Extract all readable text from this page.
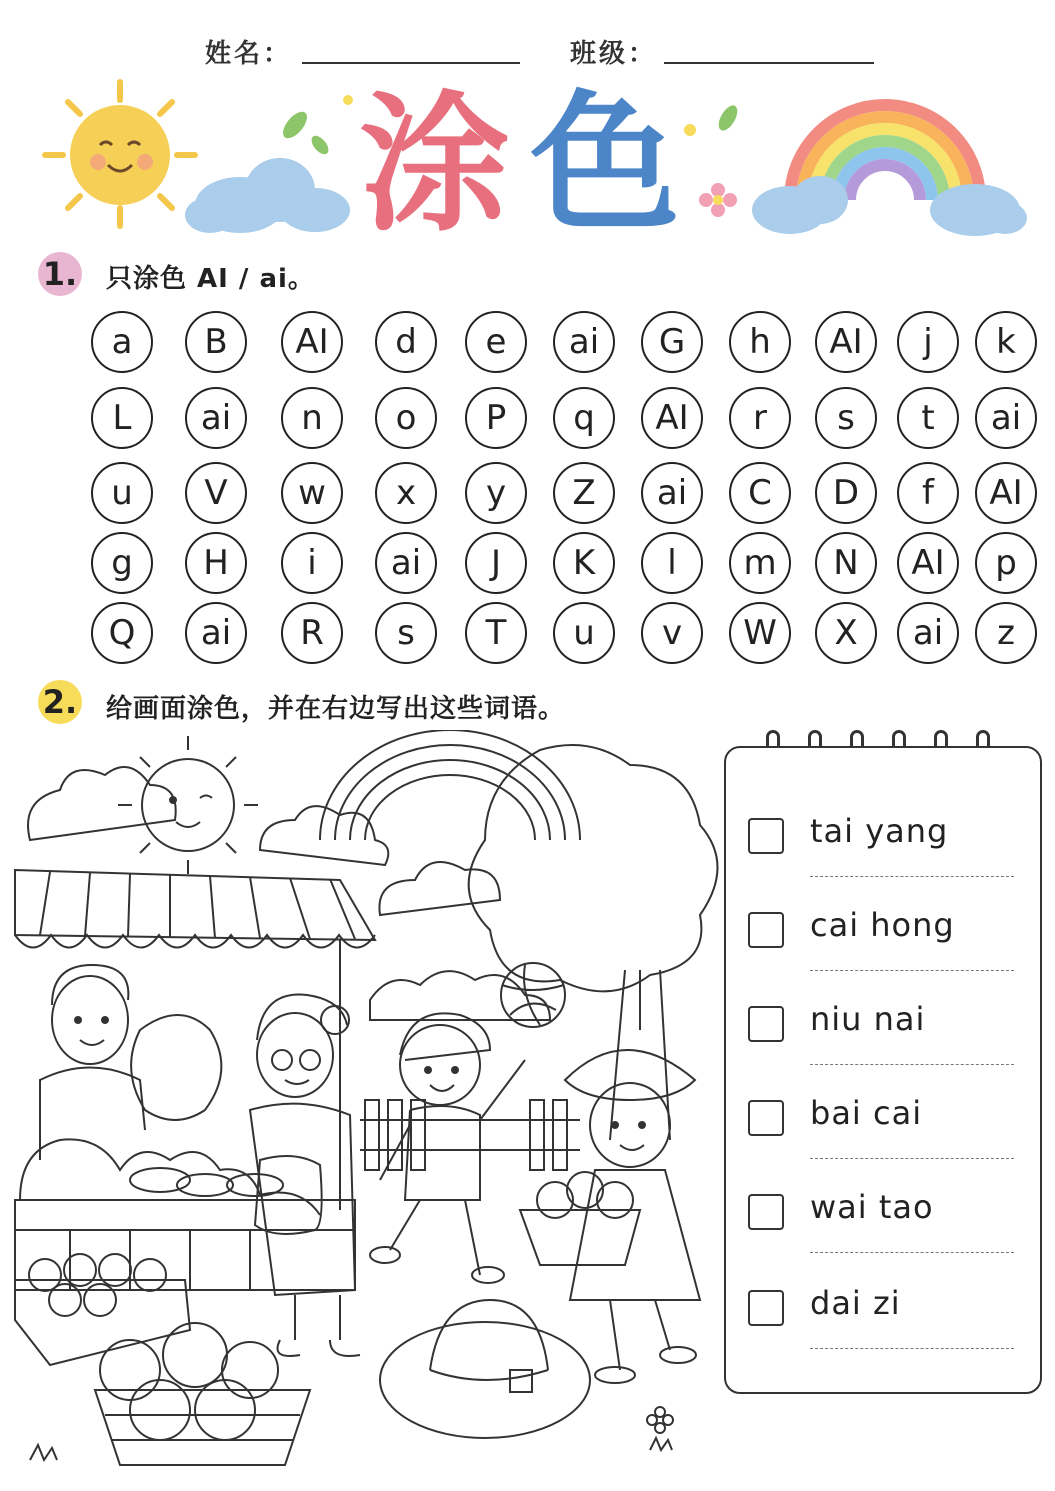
姓名：	班级：
涂 色
1. 只涂色 AI / ai。
a	B	AI	d	e	ai	G	h	AI	j	k
L	ai	n	o	P	q	AI	r	s	t	ai
u	V	w	x	y	Z	ai	C	D	f	AI
g	H	i	ai	J	K	l	m	N	AI	p
Q	ai	R	s	T	u	v	W	X	ai	z
2. 给画面涂色，并在右边写出这些词语。
tai yang
cai hong
niu nai
bai cai
wai tao
dai zi
